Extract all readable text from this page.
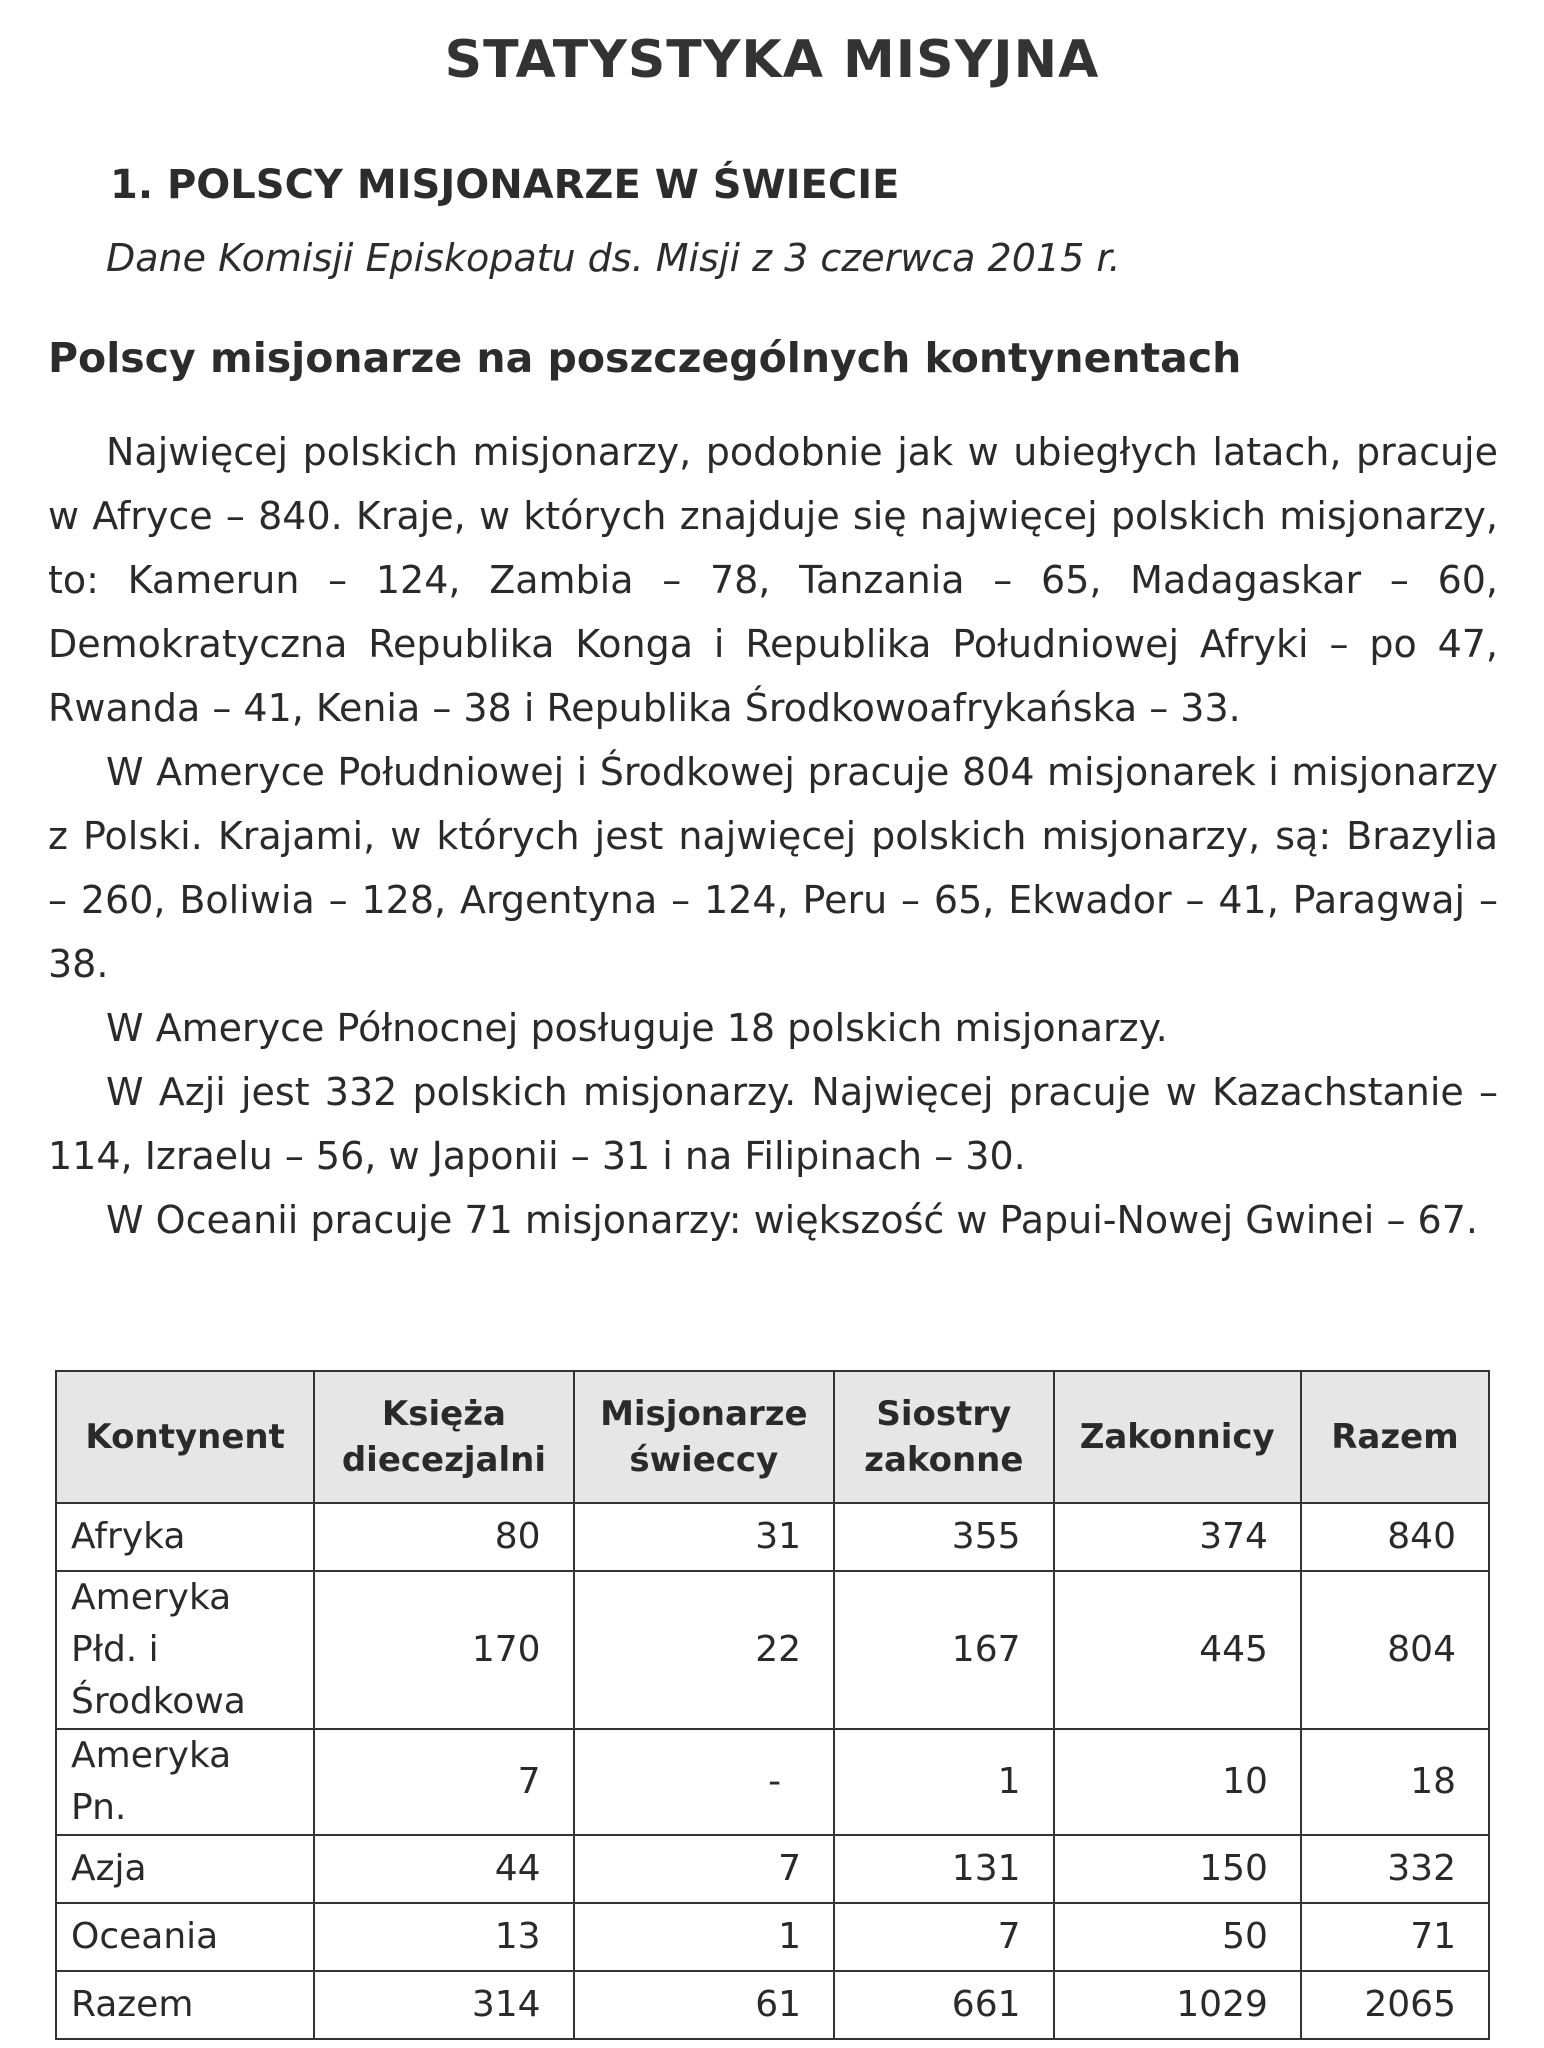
STATYSTYKA MISYJNA
1. POLSCY MISJONARZE W ŚWIECIE
Dane Komisji Episkopatu ds. Misji z 3 czerwca 2015 r.
Polscy misjonarze na poszczególnych kontynentach

Najwięcej polskich misjonarzy, podobnie jak w ubiegłych latach, pracuje w Afryce – 840. Kraje, w których znajduje się najwięcej polskich misjonarzy, to: Kamerun – 124, Zambia – 78, Tanzania – 65, Madagaskar – 60, Demokratyczna Republika Konga i Republika Południowej Afryki – po 47, Rwanda – 41, Kenia – 38 i Republika Środkowoafrykańska – 33.

W Ameryce Południowej i Środkowej pracuje 804 misjonarek i misjonarzy z Polski. Krajami, w których jest najwięcej polskich misjonarzy, są: Brazylia – 260, Boliwia – 128, Argentyna – 124, Peru – 65, Ekwador – 41, Paragwaj – 38.

W Ameryce Północnej posługuje 18 polskich misjonarzy.

W Azji jest 332 polskich misjonarzy. Najwięcej pracuje w Kazachstanie – 114, Izraelu – 56, w Japonii – 31 i na Filipinach – 30.

W Oceanii pracuje 71 misjonarzy: większość w Papui-Nowej Gwinei – 67.

Kontynent	Księża diecezjalni	Misjonarze świeccy	Siostry zakonne	Zakonnicy	Razem
Afryka	80	31	355	374	840
Ameryka Płd. i Środkowa	170	22	167	445	804
Ameryka Pn.	7	-	1	10	18
Azja	44	7	131	150	332
Oceania	13	1	7	50	71
Razem	314	61	661	1029	2065
